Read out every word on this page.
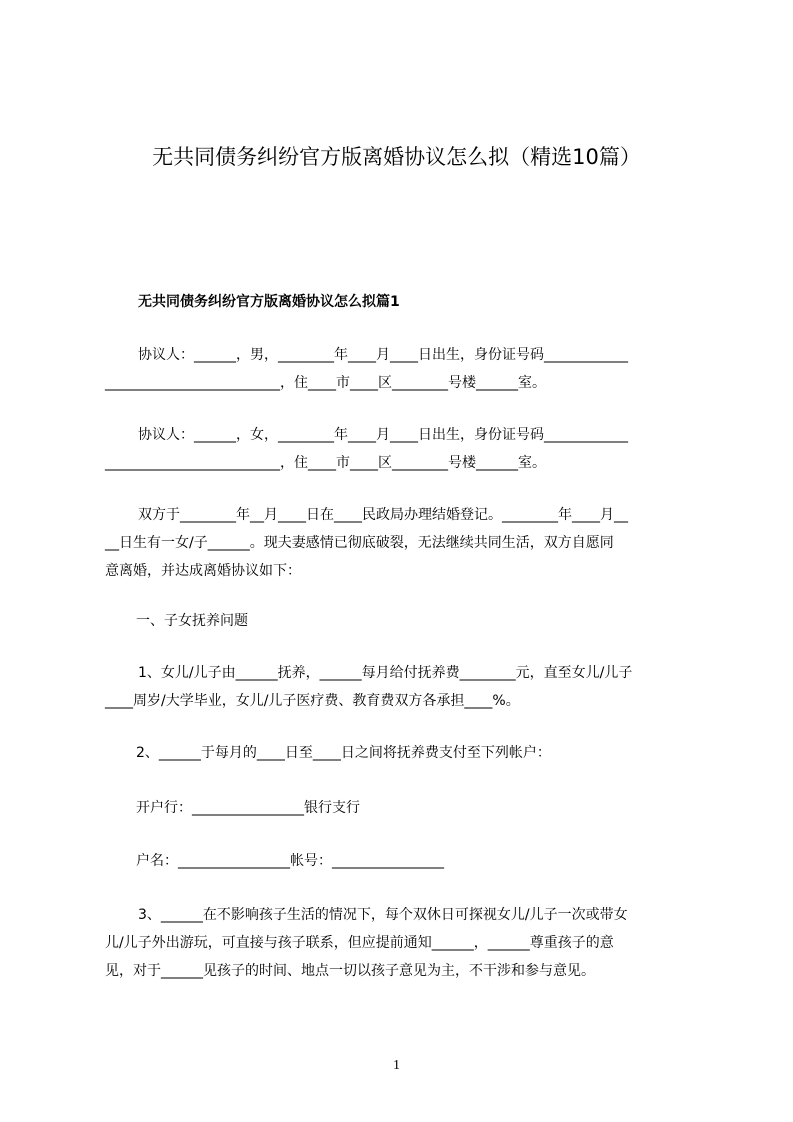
无共同债务纠纷官方版离婚协议怎么拟（精选10篇）
无共同债务纠纷官方版离婚协议怎么拟篇1
协议人：______，男，________年____月____日出生，身份证号码____________
_________________________，住____市____区________号楼______室。
协议人：______，女，________年____月____日出生，身份证号码____________
_________________________，住____市____区________号楼______室。
双方于________年__月____日在____民政局办理结婚登记。________年____月__
__日生有一女/子______。现夫妻感情已彻底破裂，无法继续共同生活，双方自愿同
意离婚，并达成离婚协议如下：
一、子女抚养问题
1、女儿/儿子由______抚养，______每月给付抚养费________元，直至女儿/儿子
____周岁/大学毕业，女儿/儿子医疗费、教育费双方各承担____%。
2、______于每月的____日至____日之间将抚养费支付至下列帐户：
开户行：________________银行支行
户名：________________帐号：________________
3、______在不影响孩子生活的情况下，每个双休日可探视女儿/儿子一次或带女
儿/儿子外出游玩，可直接与孩子联系，但应提前通知______，______尊重孩子的意
见，对于______见孩子的时间、地点一切以孩子意见为主，不干涉和参与意见。
1
